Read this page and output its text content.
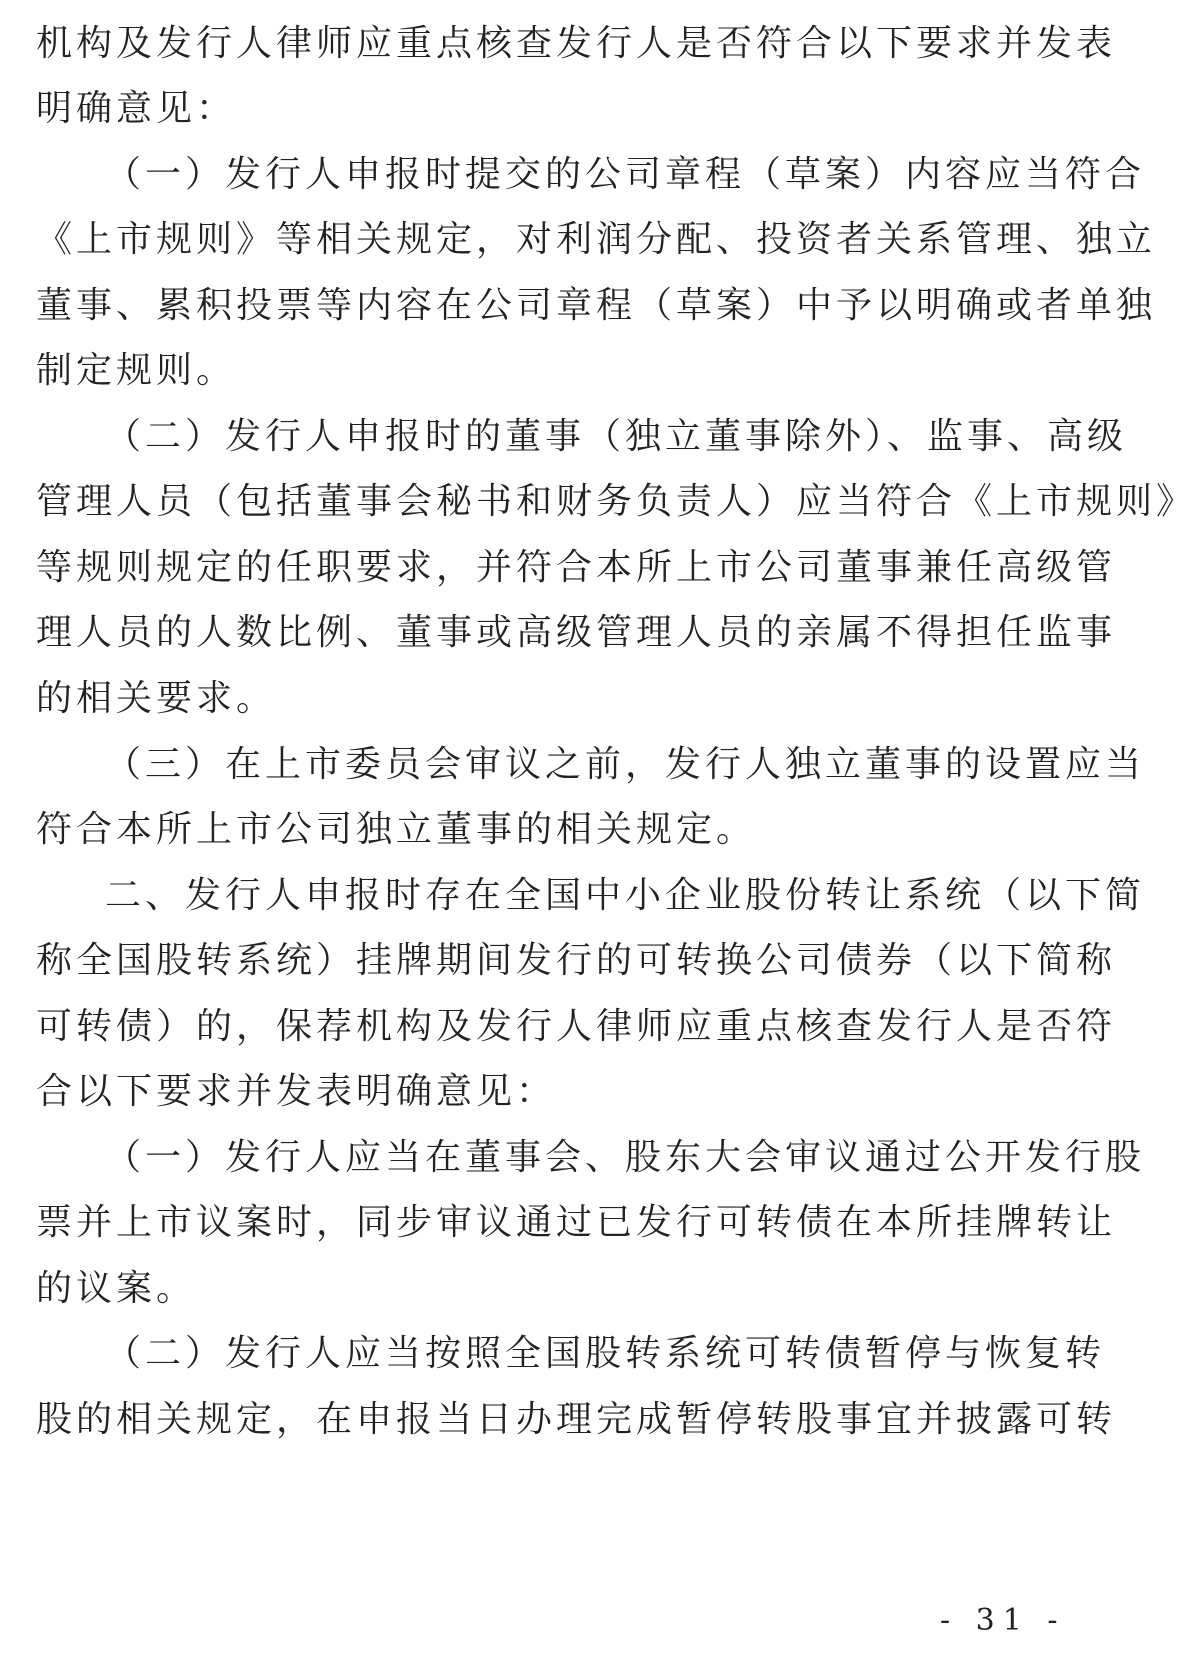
机构及发行人律师应重点核查发行人是否符合以下要求并发表
明确意见：
（一）发行人申报时提交的公司章程（草案）内容应当符合
《上市规则》等相关规定，对利润分配、投资者关系管理、独立
董事、累积投票等内容在公司章程（草案）中予以明确或者单独
制定规则。
（二）发行人申报时的董事（独立董事除外）、监事、高级
管理人员（包括董事会秘书和财务负责人）应当符合《上市规则》
等规则规定的任职要求，并符合本所上市公司董事兼任高级管
理人员的人数比例、董事或高级管理人员的亲属不得担任监事
的相关要求。
（三）在上市委员会审议之前，发行人独立董事的设置应当
符合本所上市公司独立董事的相关规定。
二、发行人申报时存在全国中小企业股份转让系统（以下简
称全国股转系统）挂牌期间发行的可转换公司债券（以下简称
可转债）的，保荐机构及发行人律师应重点核查发行人是否符
合以下要求并发表明确意见：
（一）发行人应当在董事会、股东大会审议通过公开发行股
票并上市议案时，同步审议通过已发行可转债在本所挂牌转让
的议案。
（二）发行人应当按照全国股转系统可转债暂停与恢复转
股的相关规定，在申报当日办理完成暂停转股事宜并披露可转
- 31 -
